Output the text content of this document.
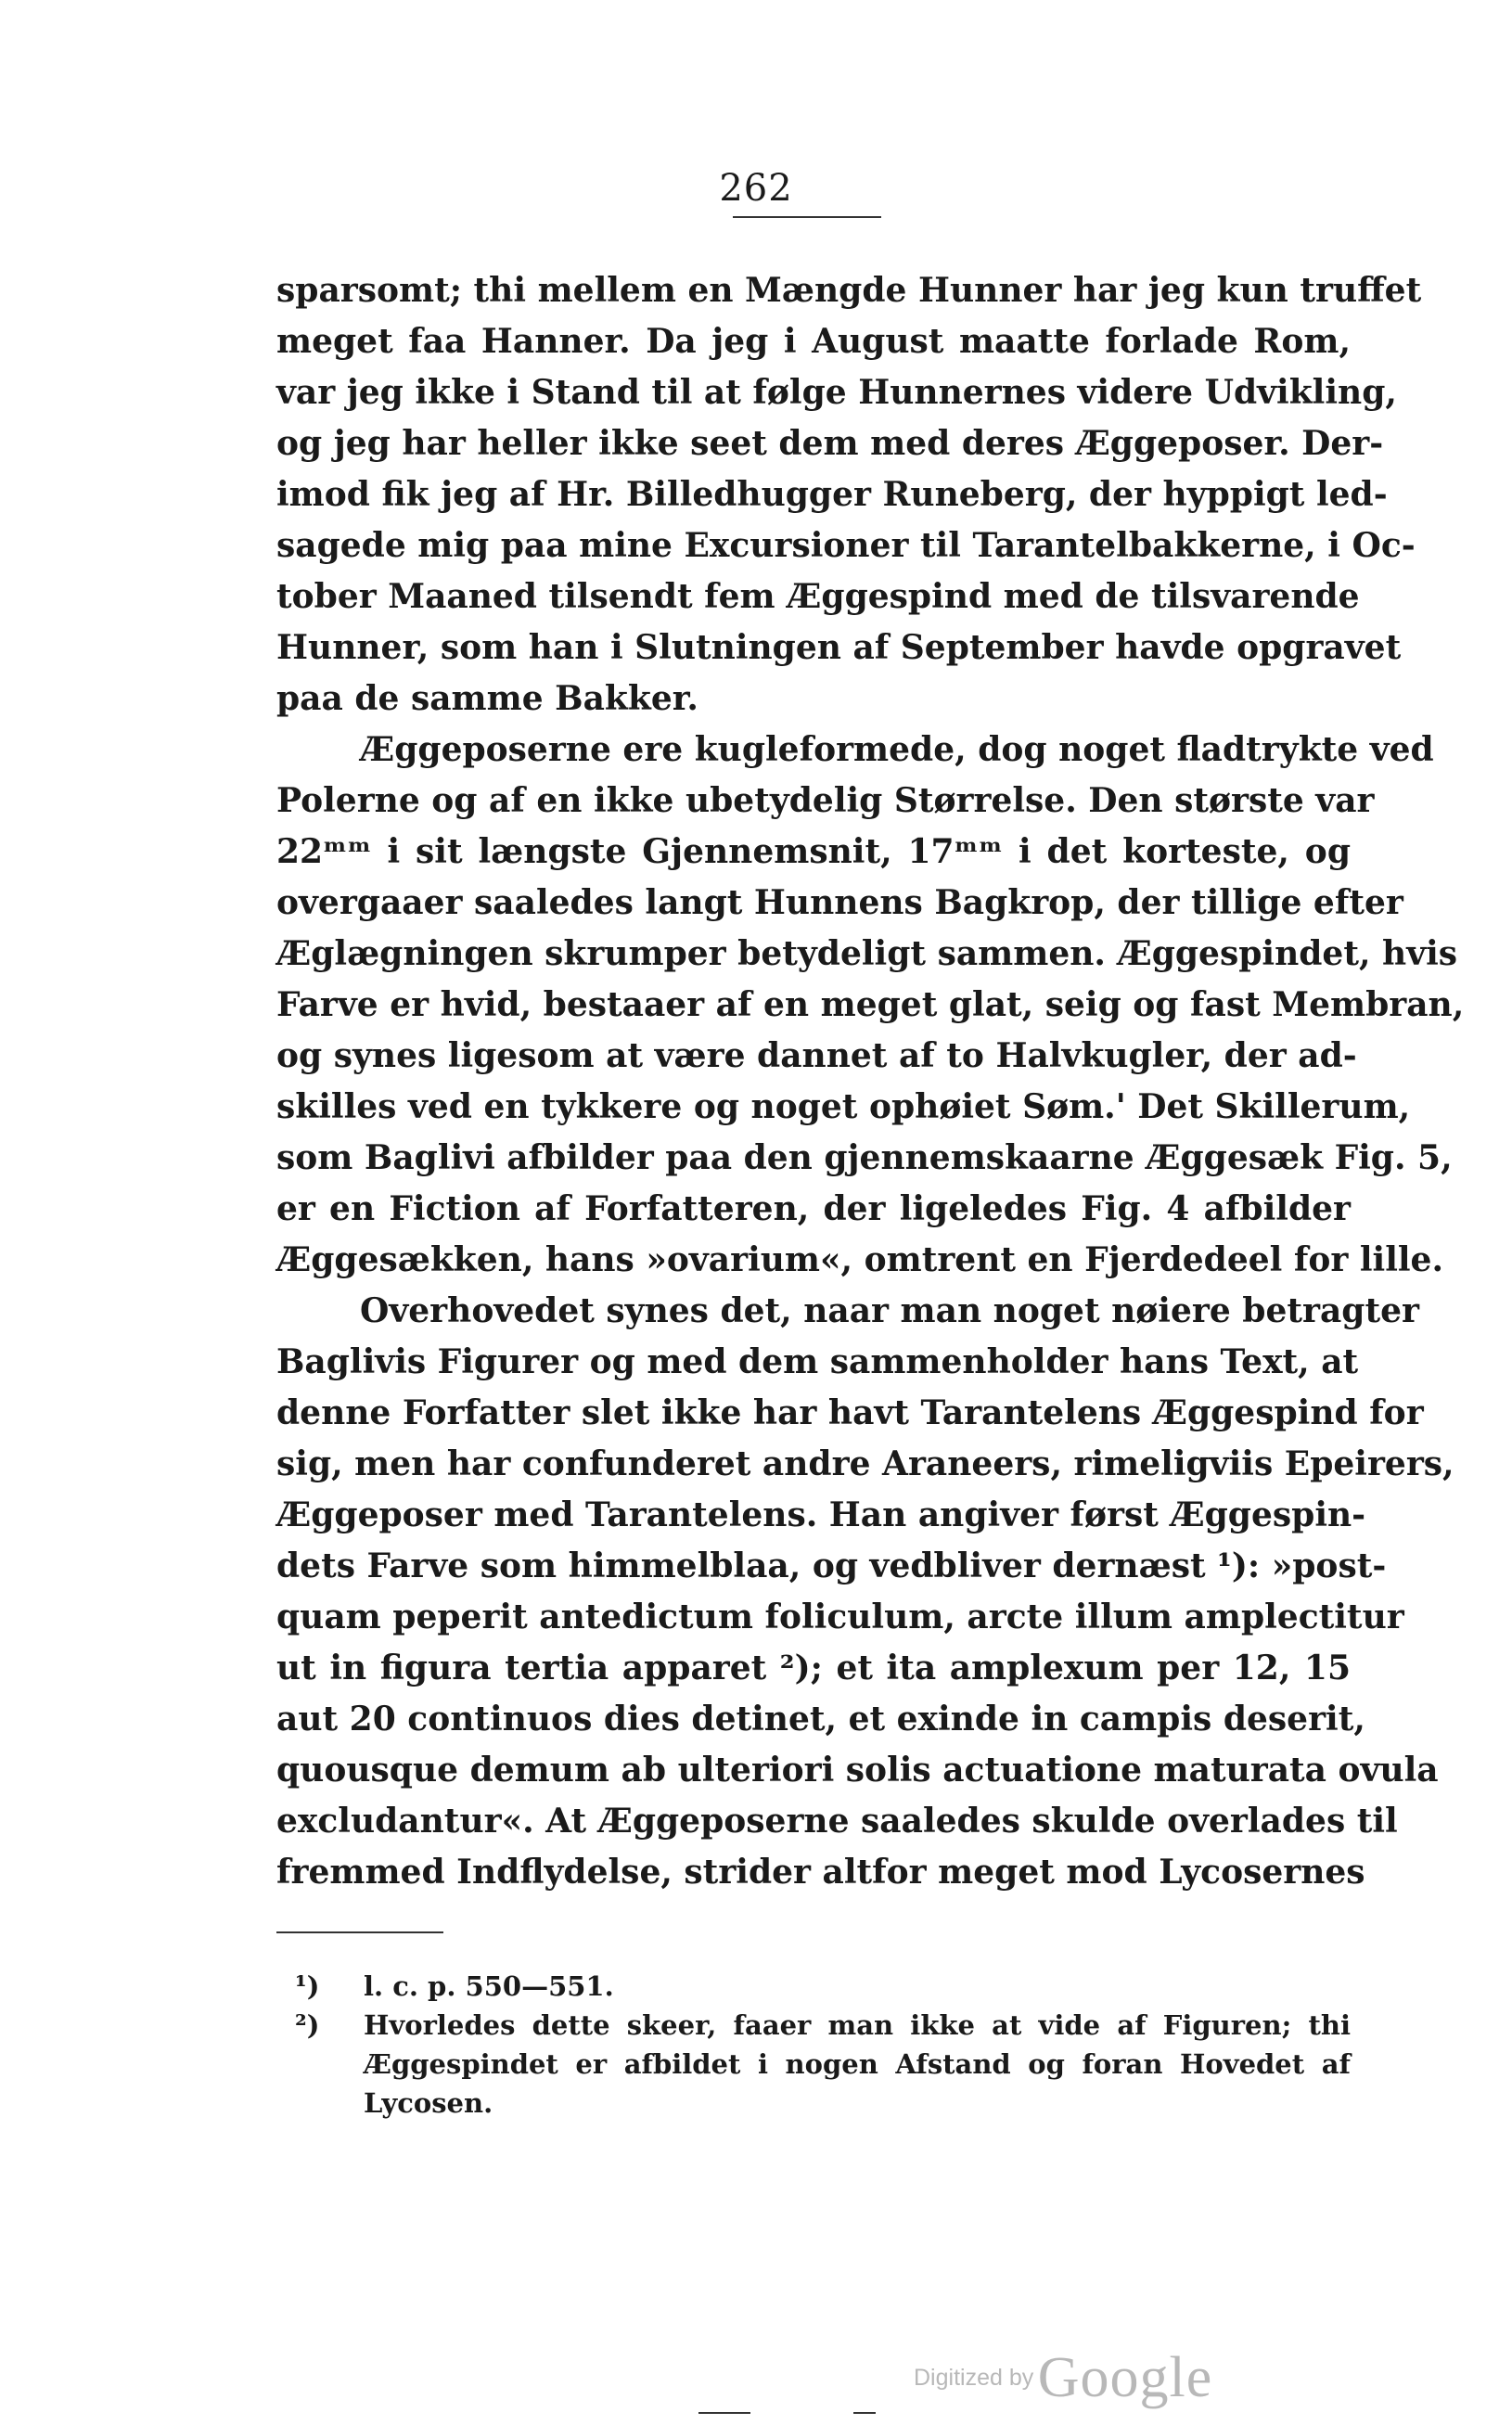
262
sparsomt; thi mellem en Mængde Hunner har jeg kun truffet
meget faa Hanner. Da jeg i August maatte forlade Rom,
var jeg ikke i Stand til at følge Hunnernes videre Udvikling,
og jeg har heller ikke seet dem med deres Æggeposer. Der-
imod fik jeg af Hr. Billedhugger Runeberg, der hyppigt led-
sagede mig paa mine Excursioner til Tarantelbakkerne, i Oc-
tober Maaned tilsendt fem Æggespind med de tilsvarende
Hunner, som han i Slutningen af September havde opgravet
paa de samme Bakker.
Æggeposerne ere kugleformede, dog noget fladtrykte ved
Polerne og af en ikke ubetydelig Størrelse. Den største var
22ᵐᵐ i sit længste Gjennemsnit, 17ᵐᵐ i det korteste, og
overgaaer saaledes langt Hunnens Bagkrop, der tillige efter
Æglægningen skrumper betydeligt sammen. Æggespindet, hvis
Farve er hvid, bestaaer af en meget glat, seig og fast Membran,
og synes ligesom at være dannet af to Halvkugler, der ad-
skilles ved en tykkere og noget ophøiet Søm.' Det Skillerum,
som Baglivi afbilder paa den gjennemskaarne Æggesæk Fig. 5,
er en Fiction af Forfatteren, der ligeledes Fig. 4 afbilder
Æggesækken, hans »ovarium«, omtrent en Fjerdedeel for lille.
Overhovedet synes det, naar man noget nøiere betragter
Baglivis Figurer og med dem sammenholder hans Text, at
denne Forfatter slet ikke har havt Tarantelens Æggespind for
sig, men har confunderet andre Araneers, rimeligviis Epeirers,
Æggeposer med Tarantelens. Han angiver først Æggespin-
dets Farve som himmelblaa, og vedbliver dernæst ¹): »post-
quam peperit antedictum foliculum, arcte illum amplectitur
ut in figura tertia apparet ²); et ita amplexum per 12, 15
aut 20 continuos dies detinet, et exinde in campis deserit,
quousque demum ab ulteriori solis actuatione maturata ovula
excludantur«. At Æggeposerne saaledes skulde overlades til
fremmed Indflydelse, strider altfor meget mod Lycosernes
¹)	l. c. p. 550—551.
²)	Hvorledes dette skeer, faaer man ikke at vide af Figuren; thi
Æggespindet er afbildet i nogen Afstand og foran Hovedet af
Lycosen.
Digitized by Google
